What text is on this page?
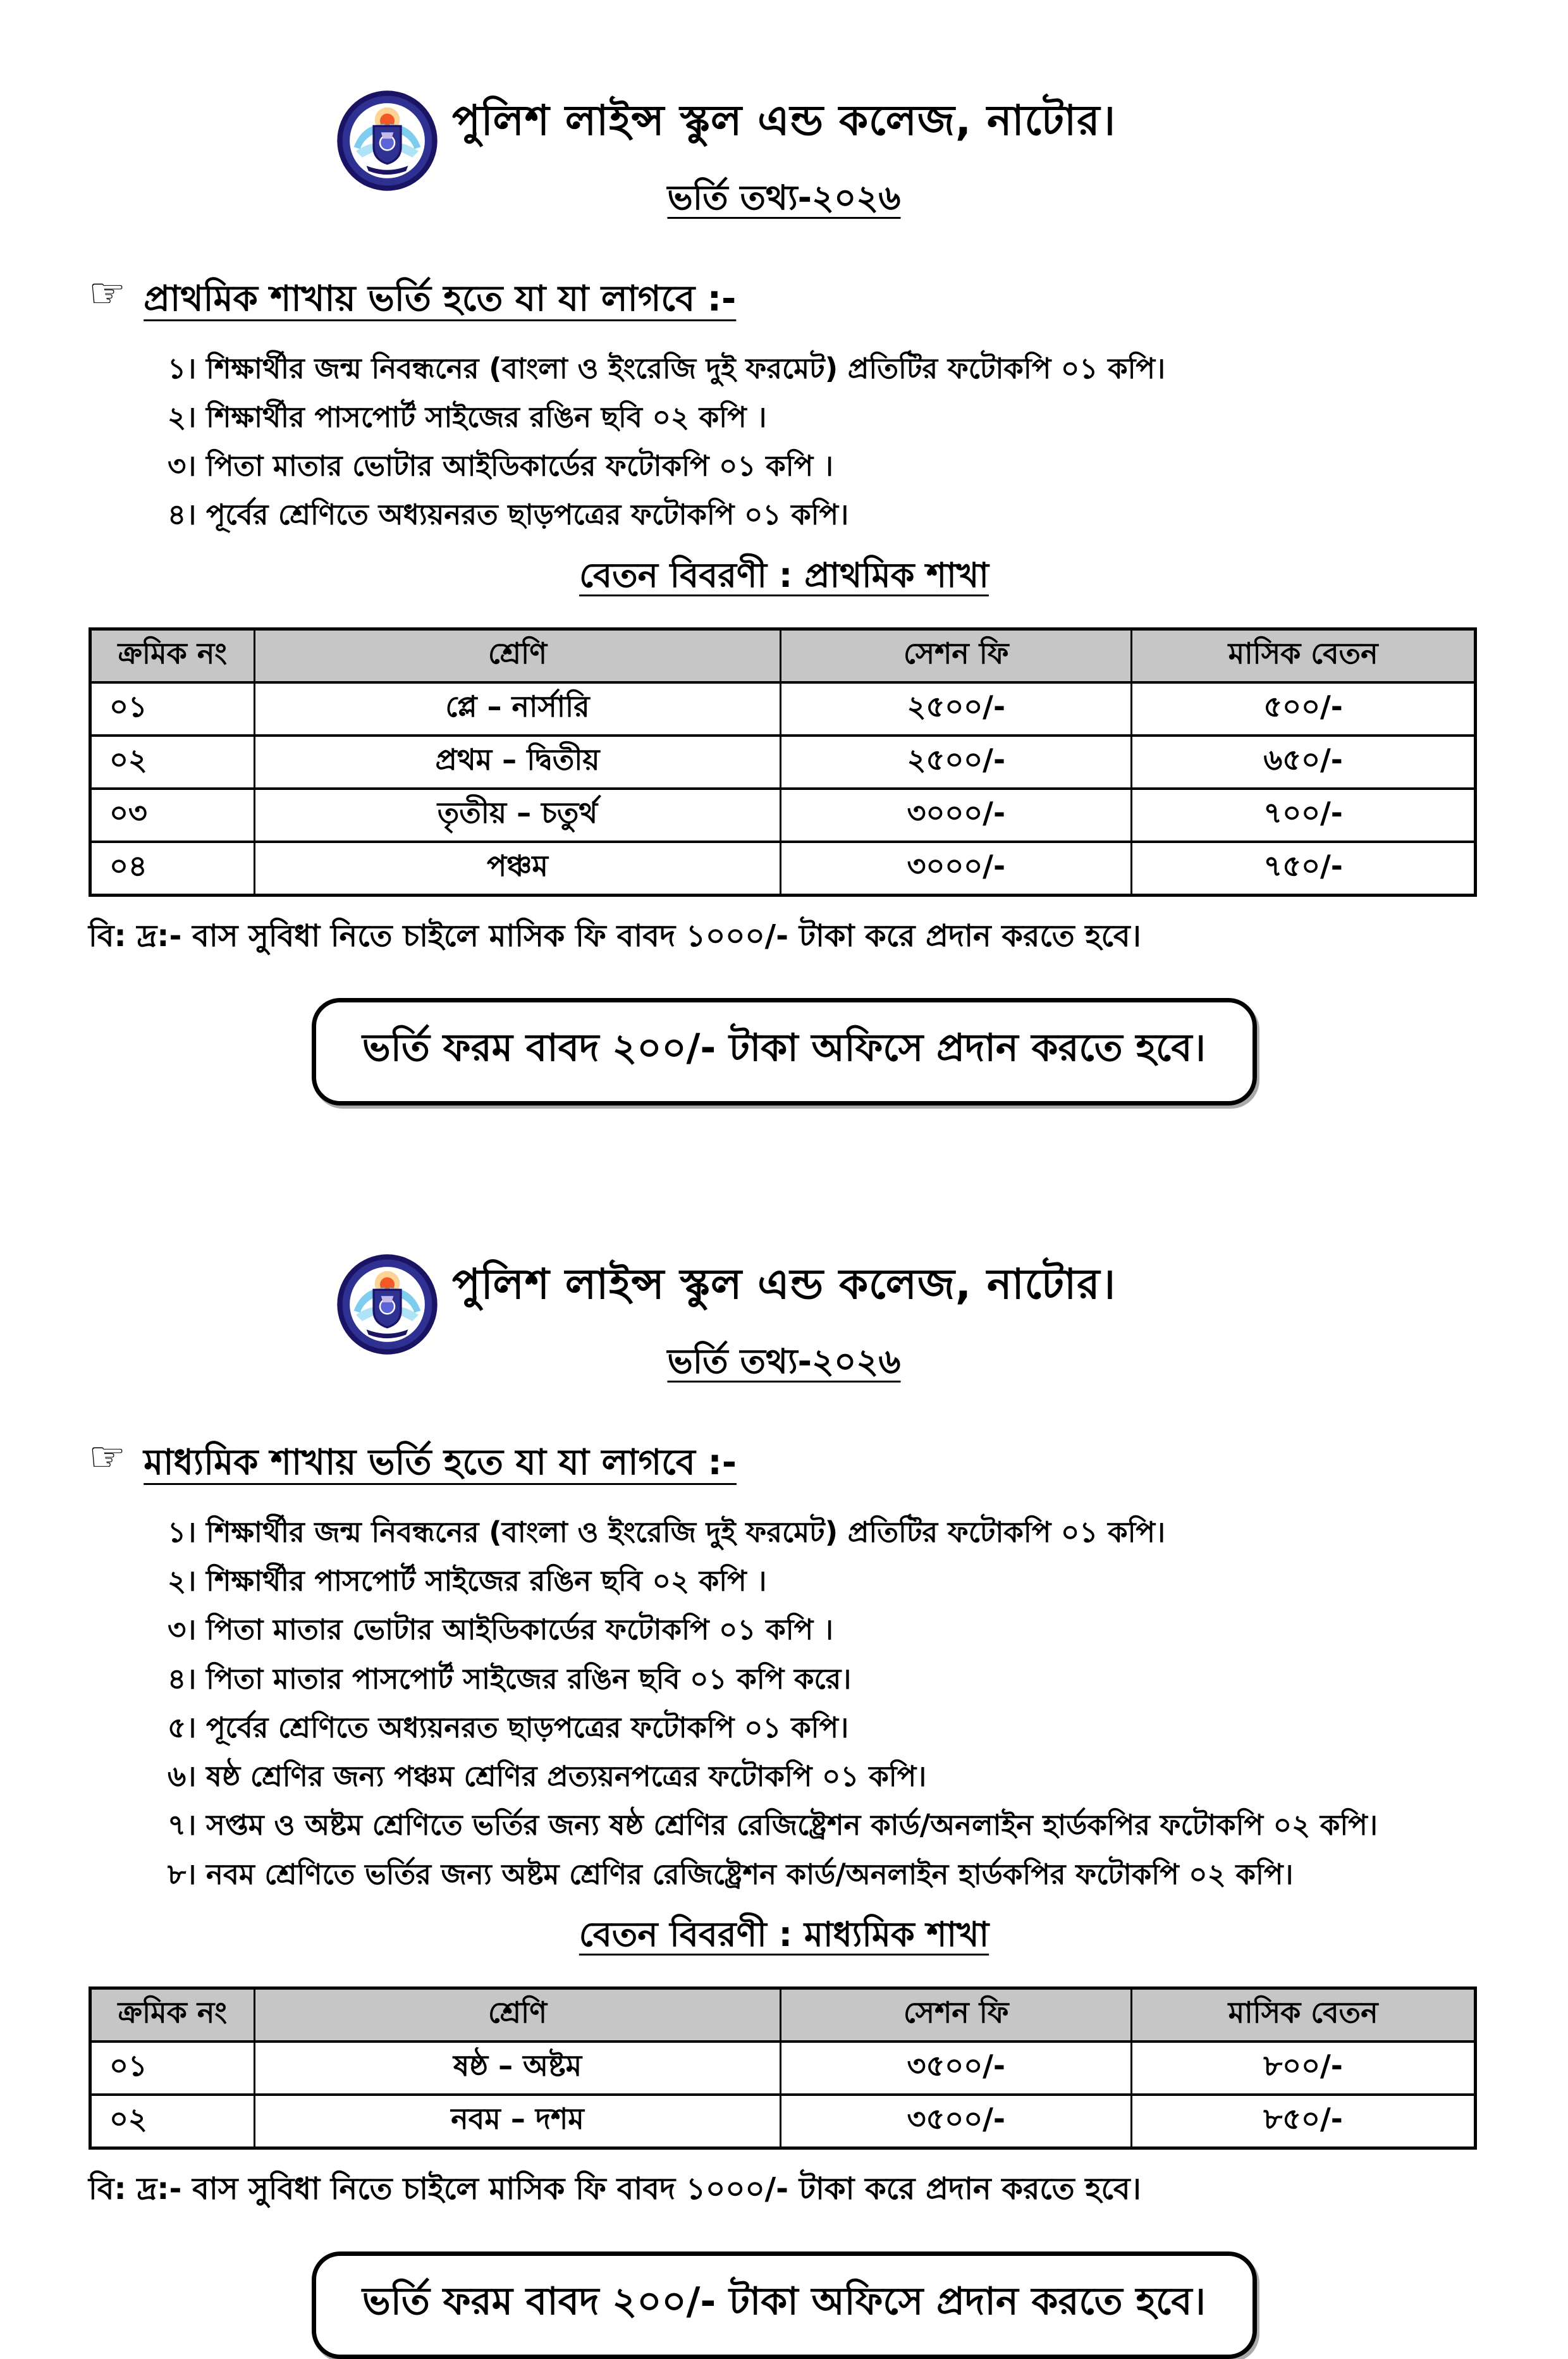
পুলিশ লাইন্স স্কুল এন্ড কলেজ, নাটোর।
ভর্তি তথ্য-২০২৬
☞ প্রাথমিক শাখায় ভর্তি হতে যা যা লাগবে :-
১। শিক্ষার্থীর জন্ম নিবন্ধনের (বাংলা ও ইংরেজি দুই ফরমেট) প্রতিটির ফটোকপি ০১ কপি।
২। শিক্ষার্থীর পাসপোর্ট সাইজের রঙিন ছবি ০২ কপি ।
৩। পিতা মাতার ভোটার আইডিকার্ডের ফটোকপি ০১ কপি ।
৪। পূর্বের শ্রেণিতে অধ্যয়নরত ছাড়পত্রের ফটোকপি ০১ কপি।
বেতন বিবরণী : প্রাথমিক শাখা
ক্রমিক নং	শ্রেণি	সেশন ফি	মাসিক বেতন
০১	প্লে – নার্সারি	২৫০০/-	৫০০/-
০২	প্রথম – দ্বিতীয়	২৫০০/-	৬৫০/-
০৩	তৃতীয় – চতুর্থ	৩০০০/-	৭০০/-
০৪	পঞ্চম	৩০০০/-	৭৫০/-

বি: দ্র:- বাস সুবিধা নিতে চাইলে মাসিক ফি বাবদ ১০০০/- টাকা করে প্রদান করতে হবে।

ভর্তি ফরম বাবদ ২০০/- টাকা অফিসে প্রদান করতে হবে।
পুলিশ লাইন্স স্কুল এন্ড কলেজ, নাটোর।
ভর্তি তথ্য-২০২৬
☞ মাধ্যমিক শাখায় ভর্তি হতে যা যা লাগবে :-
১। শিক্ষার্থীর জন্ম নিবন্ধনের (বাংলা ও ইংরেজি দুই ফরমেট) প্রতিটির ফটোকপি ০১ কপি।
২। শিক্ষার্থীর পাসপোর্ট সাইজের রঙিন ছবি ০২ কপি ।
৩। পিতা মাতার ভোটার আইডিকার্ডের ফটোকপি ০১ কপি ।
৪। পিতা মাতার পাসপোর্ট সাইজের রঙিন ছবি ০১ কপি করে।
৫। পূর্বের শ্রেণিতে অধ্যয়নরত ছাড়পত্রের ফটোকপি ০১ কপি।
৬। ষষ্ঠ শ্রেণির জন্য পঞ্চম শ্রেণির প্রত্যয়নপত্রের ফটোকপি ০১ কপি।
৭। সপ্তম ও অষ্টম শ্রেণিতে ভর্তির জন্য ষষ্ঠ শ্রেণির রেজিষ্ট্রেশন কার্ড/অনলাইন হার্ডকপির ফটোকপি ০২ কপি।
৮। নবম শ্রেণিতে ভর্তির জন্য অষ্টম শ্রেণির রেজিষ্ট্রেশন কার্ড/অনলাইন হার্ডকপির ফটোকপি ০২ কপি।
বেতন বিবরণী : মাধ্যমিক শাখা
ক্রমিক নং	শ্রেণি	সেশন ফি	মাসিক বেতন
০১	ষষ্ঠ – অষ্টম	৩৫০০/-	৮০০/-
০২	নবম – দশম	৩৫০০/-	৮৫০/-

বি: দ্র:- বাস সুবিধা নিতে চাইলে মাসিক ফি বাবদ ১০০০/- টাকা করে প্রদান করতে হবে।

ভর্তি ফরম বাবদ ২০০/- টাকা অফিসে প্রদান করতে হবে।
